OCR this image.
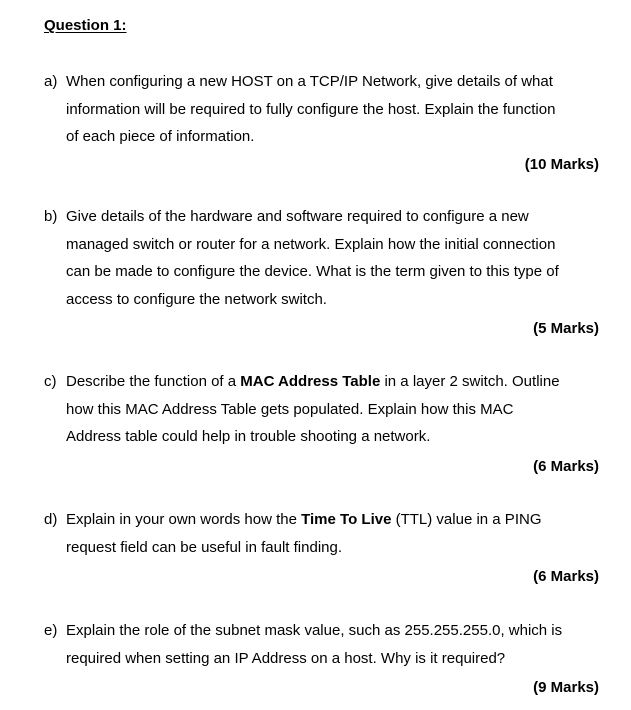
Question 1:
a) When configuring a new HOST on a TCP/IP Network, give details of what
information will be required to fully configure the host. Explain the function
of each piece of information.
(10 Marks)
b) Give details of the hardware and software required to configure a new
managed switch or router for a network. Explain how the initial connection
can be made to configure the device. What is the term given to this type of
access to configure the network switch.
(5 Marks)
c) Describe the function of a MAC Address Table in a layer 2 switch. Outline
how this MAC Address Table gets populated. Explain how this MAC
Address table could help in trouble shooting a network.
(6 Marks)
d) Explain in your own words how the Time To Live (TTL) value in a PING
request field can be useful in fault finding.
(6 Marks)
e) Explain the role of the subnet mask value, such as 255.255.255.0, which is
required when setting an IP Address on a host. Why is it required?
(9 Marks)
